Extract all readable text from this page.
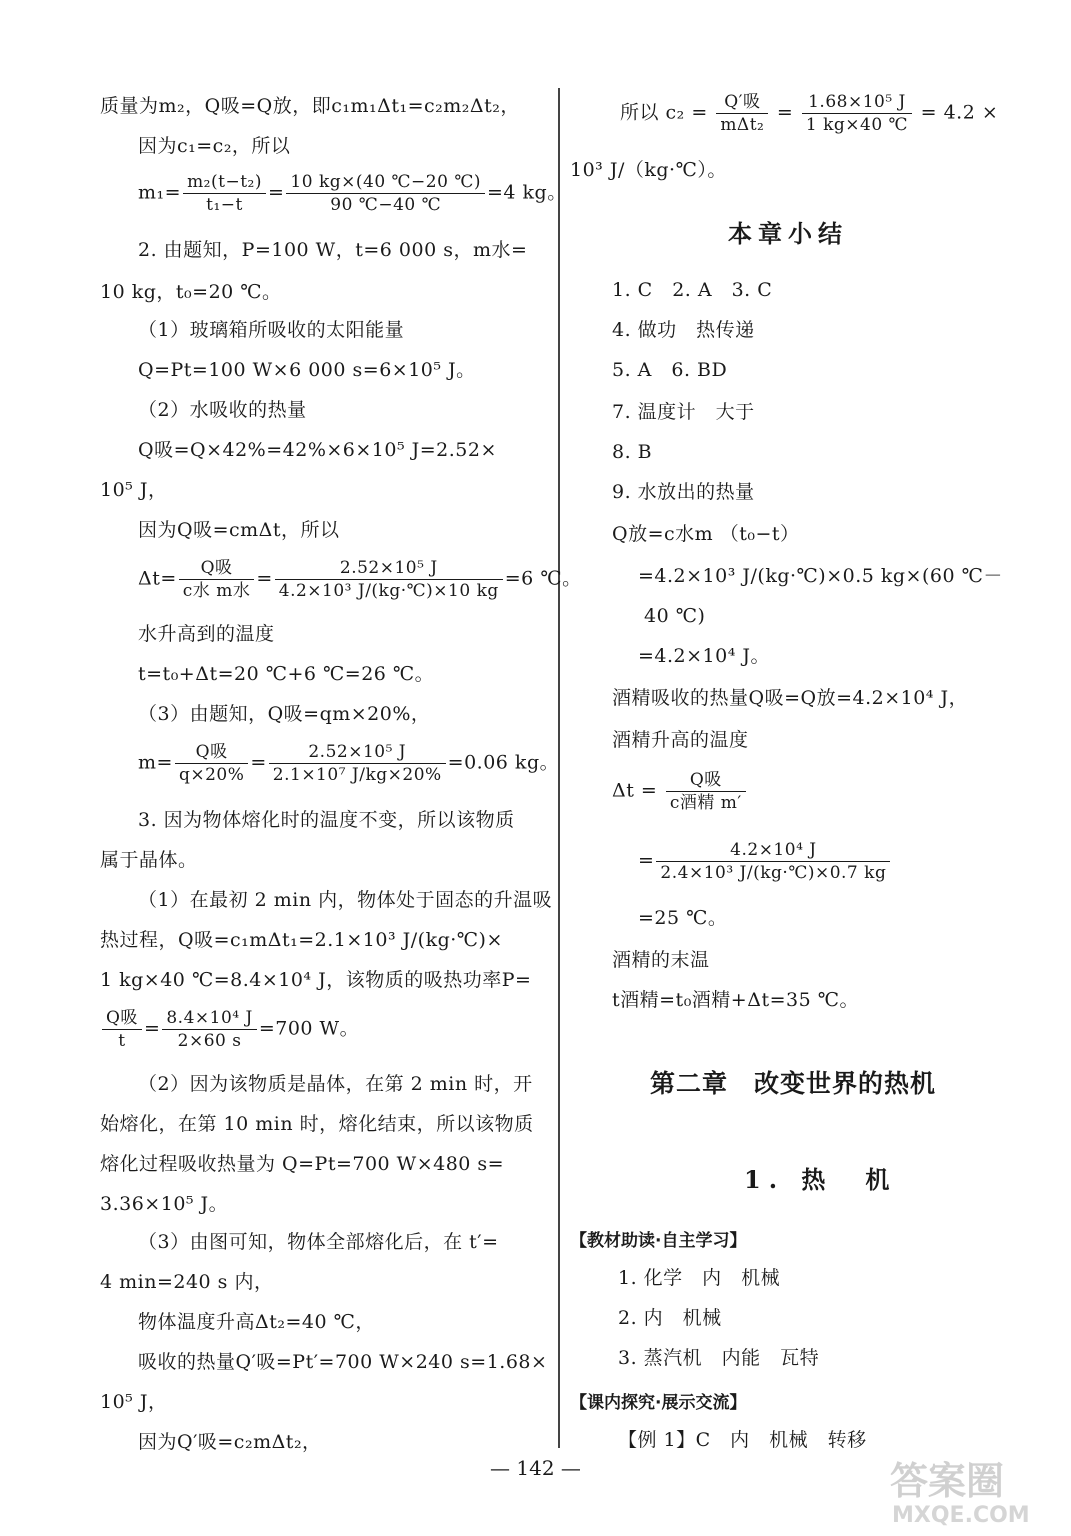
质量为m₂，Q吸=Q放，即c₁m₁Δt₁=c₂m₂Δt₂，
因为c₁=c₂，所以
$m_1= \frac{\text{m₂(t−t₂)}}{\text{t₁−t}} = \frac{10 kg\times(40 ℃-20 ℃)}{90 ℃-40 ℃} =4$ kg。
2. 由题知，P=100 W，t=6 000 s，m水=
10 kg，t₀=20 ℃。
（1）玻璃箱所吸收的太阳能量
Q=Pt=100 W×6 000 s=6×10⁵ J。
（2）水吸收的热量
Q吸=Q×42%=42%×6×10⁵ J=2.52×
10⁵ J，
因为Q吸=cmΔt，所以
$\Delta t= \frac{\text{Q吸}}{\text{c水 m水}} = \frac{\text{2.52×10⁵ J}}{\text{4.2×10³ J/(kg·℃)×10 kg}} =6$ ℃。
水升高到的温度
t=t₀+Δt=20 ℃+6 ℃=26 ℃。
（3）由题知，Q吸=qm×20%，
$m= \frac{\text{Q吸}}{q\times 20\%} = \frac{\text{2.52×10⁵ J}}{\text{2.1×10⁷ J/kg×20\%}} =0.06$ kg。
3. 因为物体熔化时的温度不变，所以该物质
属于晶体。
（1）在最初 2 min 内，物体处于固态的升温吸
热过程，Q吸=c₁mΔt₁=2.1×10³ J/(kg·℃)×
1 kg×40 ℃=8.4×10⁴ J，该物质的吸热功率P=
$\frac{\text{Q吸}}{t} = \frac{\text{8.4×10⁴ J}}{2\times 60 s} =700$ W。
（2）因为该物质是晶体，在第 2 min 时，开
始熔化，在第 10 min 时，熔化结束，所以该物质
熔化过程吸收热量为 Q=Pt=700 W×480 s=
3.36×10⁵ J。
（3）由图可知，物体全部熔化后，在 t′=
4 min=240 s 内，
物体温度升高Δt₂=40 ℃，
吸收的热量Q′吸=Pt′=700 W×240 s=1.68×
10⁵ J，
因为Q′吸=c₂mΔt₂，
所以 $c_2 = \frac{\text{Q′吸}}{\text{mΔt₂}} = \frac{\text{1.68×10⁵ J}}{1 kg\times 40 ℃} = 4.2$ ×
10³ J/（kg·℃）。
本章小结
1. C　2. A　3. C
4. 做功　热传递
5. A　6. BD
7. 温度计　大于
8. B
9. 水放出的热量
Q放=c水m （t₀−t）
=4.2×10³ J/(kg·℃)×0.5 kg×(60 ℃－
40 ℃)
=4.2×10⁴ J。
酒精吸收的热量Q吸=Q放=4.2×10⁴ J，
酒精升高的温度
$\Delta t = \frac{\text{Q吸}}{\text{c酒精 m′}}$
= $\frac{\text{4.2×10⁴ J}}{\text{2.4×10³ J/(kg·℃)×0.7 kg}}$
=25 ℃。
酒精的末温
t酒精=t₀酒精+Δt=35 ℃。
第二章　改变世界的热机
1. 热　机
【教材助读·自主学习】
1. 化学　内　机械
2. 内　机械
3. 蒸汽机　内能　瓦特
【课内探究·展示交流】
【例 1】C　内　机械　转移
— 142 —	答案圈
MXQE.COM
